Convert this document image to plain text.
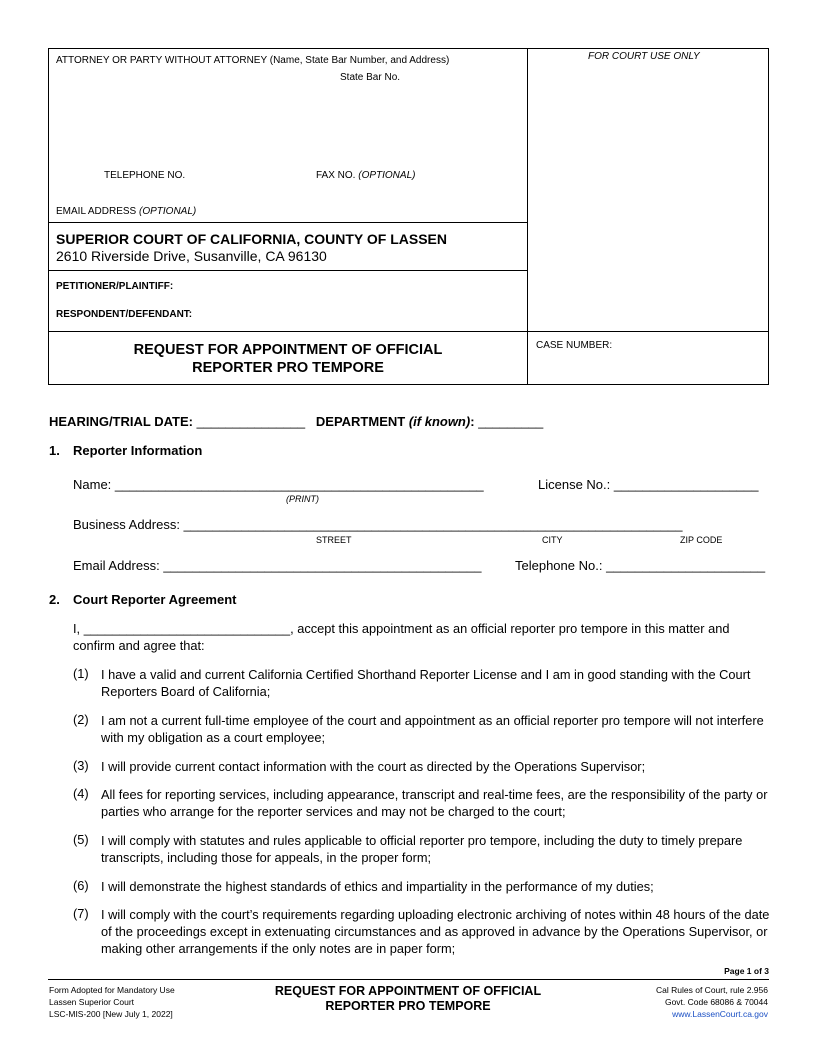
ATTORNEY OR PARTY WITHOUT ATTORNEY (Name, State Bar Number, and Address)
State Bar No.
FOR COURT USE ONLY
TELEPHONE NO.	FAX NO. (OPTIONAL)
EMAIL ADDRESS (OPTIONAL)
SUPERIOR COURT OF CALIFORNIA, COUNTY OF LASSEN
2610 Riverside Drive, Susanville, CA 96130
PETITIONER/PLAINTIFF:
RESPONDENT/DEFENDANT:
REQUEST FOR APPOINTMENT OF OFFICIAL
REPORTER PRO TEMPORE
CASE NUMBER:
HEARING/TRIAL DATE: _______________ DEPARTMENT (if known): _________
1. Reporter Information
Name: ___________________________________________________	License No.: ____________________
(PRINT)
Business Address: _____________________________________________________________________
STREET	CITY	ZIP CODE
Email Address: ____________________________________________	Telephone No.: ______________________
2. Court Reporter Agreement
I, _____________________________, accept this appointment as an official reporter pro tempore in this matter and confirm and agree that:
(1) I have a valid and current California Certified Shorthand Reporter License and I am in good standing with the Court Reporters Board of California;
(2) I am not a current full-time employee of the court and appointment as an official reporter pro tempore will not interfere with my obligation as a court employee;
(3) I will provide current contact information with the court as directed by the Operations Supervisor;
(4) All fees for reporting services, including appearance, transcript and real-time fees, are the responsibility of the party or parties who arrange for the reporter services and may not be charged to the court;
(5) I will comply with statutes and rules applicable to official reporter pro tempore, including the duty to timely prepare transcripts, including those for appeals, in the proper form;
(6) I will demonstrate the highest standards of ethics and impartiality in the performance of my duties;
(7) I will comply with the court’s requirements regarding uploading electronic archiving of notes within 48 hours of the date of the proceedings except in extenuating circumstances and as approved in advance by the Operations Supervisor, or making other arrangements if the only notes are in paper form;
Page 1 of 3
Form Adopted for Mandatory Use
Lassen Superior Court
LSC-MIS-200 [New July 1, 2022]
REQUEST FOR APPOINTMENT OF OFFICIAL
REPORTER PRO TEMPORE
Cal Rules of Court, rule 2.956
Govt. Code 68086 & 70044
www.LassenCourt.ca.gov
